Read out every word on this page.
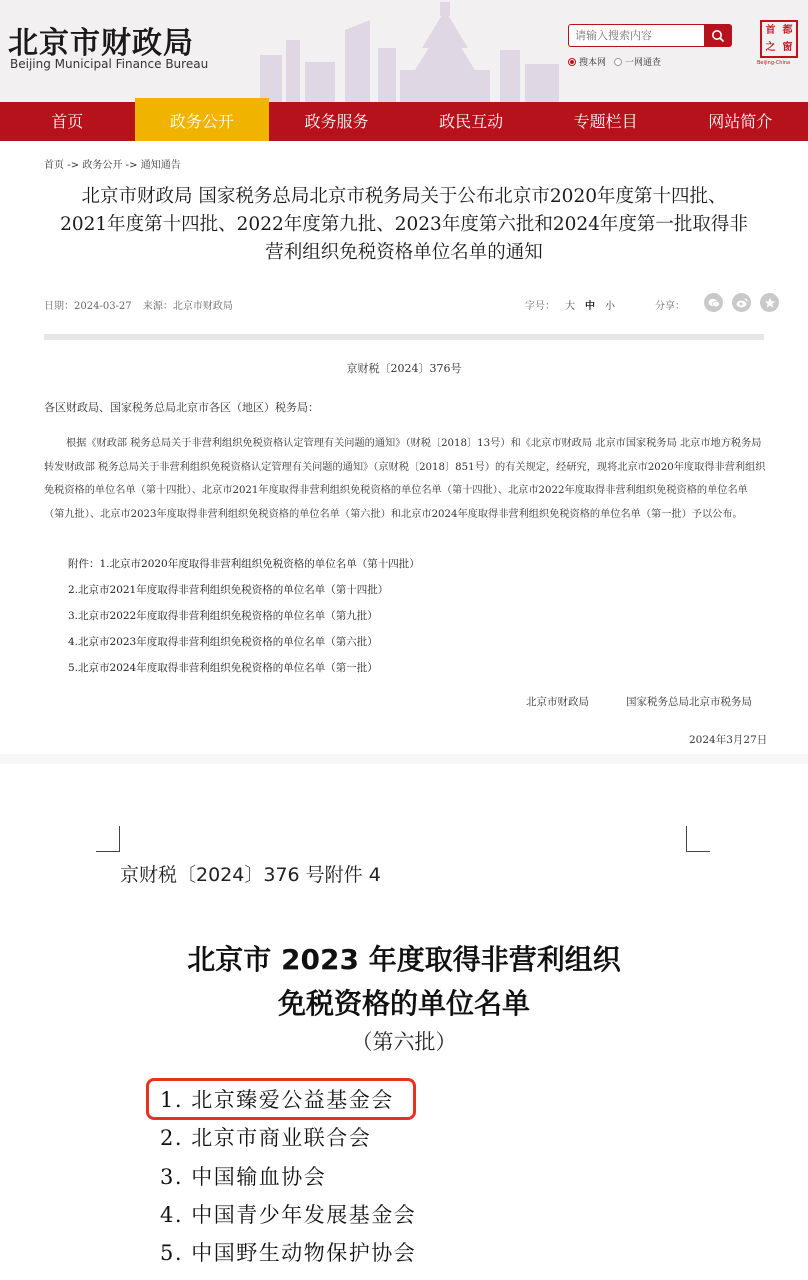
北京市财政局
Beijing Municipal Finance Bureau
请输入搜索内容	搜本网 一网通查
首 都
之 窗
Beijing-China
首页	政务公开	政务服务	政民互动	专题栏目	网站简介
首页 -> 政务公开 -> 通知通告
北京市财政局 国家税务总局北京市税务局关于公布北京市2020年度第十四批、
2021年度第十四批、2022年度第九批、2023年度第六批和2024年度第一批取得非
营利组织免税资格单位名单的通知
日期：2024-03-27 来源：北京市财政局	字号： 大 中 小	分享：
京财税〔2024〕376号
各区财政局、国家税务总局北京市各区（地区）税务局：
根据《财政部 税务总局关于非营利组织免税资格认定管理有关问题的通知》（财税〔2018〕13号）和《北京市财政局 北京市国家税务局 北京市地方税务局转发财政部 税务总局关于非营利组织免税资格认定管理有关问题的通知》（京财税〔2018〕851号）的有关规定，经研究，现将北京市2020年度取得非营利组织免税资格的单位名单（第十四批）、北京市2021年度取得非营利组织免税资格的单位名单（第十四批）、北京市2022年度取得非营利组织免税资格的单位名单（第九批）、北京市2023年度取得非营利组织免税资格的单位名单（第六批）和北京市2024年度取得非营利组织免税资格的单位名单（第一批）予以公布。
附件：1.北京市2020年度取得非营利组织免税资格的单位名单（第十四批）
2.北京市2021年度取得非营利组织免税资格的单位名单（第十四批）
3.北京市2022年度取得非营利组织免税资格的单位名单（第九批）
4.北京市2023年度取得非营利组织免税资格的单位名单（第六批）
5.北京市2024年度取得非营利组织免税资格的单位名单（第一批）
北京市财政局	国家税务总局北京市税务局
2024年3月27日
京财税〔2024〕376 号附件 4
北京市 2023 年度取得非营利组织
免税资格的单位名单
（第六批）
1. 北京臻爱公益基金会
2. 北京市商业联合会
3. 中国输血协会
4. 中国青少年发展基金会
5. 中国野生动物保护协会
